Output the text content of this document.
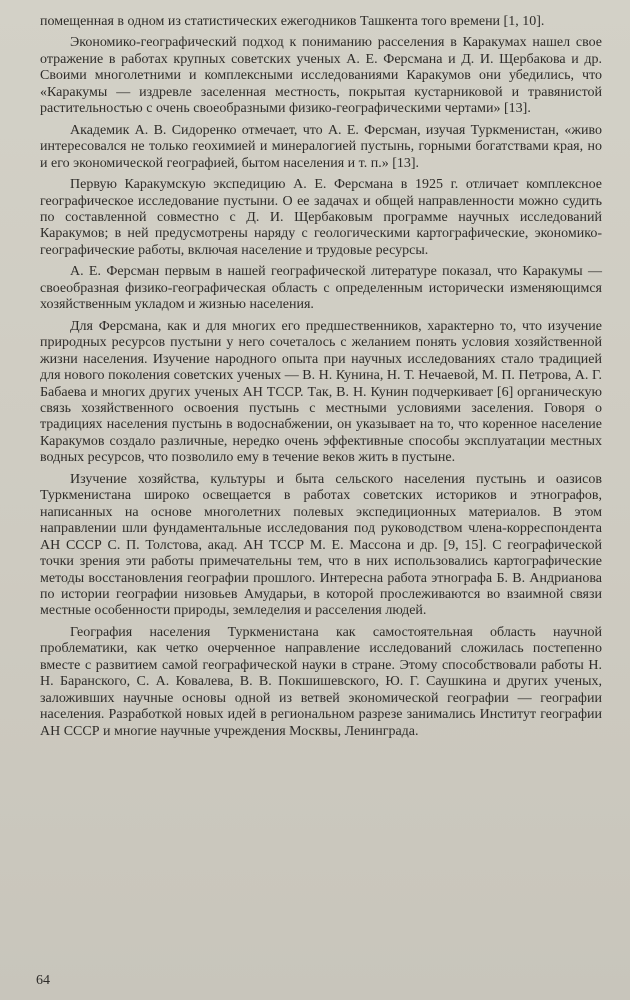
помещенная в одном из статистических ежегодников Ташкента того времени [1, 10].

Экономико-географический подход к пониманию расселения в Каракумах нашел свое отражение в работах крупных советских ученых А. Е. Ферсмана и Д. И. Щербакова и др. Своими многолетними и комплексными исследованиями Каракумов они убедились, что «Каракумы — издревле заселенная местность, покрытая кустарниковой и травянистой растительностью с очень своеобразными физико-географическими чертами» [13].

Академик А. В. Сидоренко отмечает, что А. Е. Ферсман, изучая Туркменистан, «живо интересовался не только геохимией и минералогией пустынь, горными богатствами края, но и его экономической географией, бытом населения и т. п.» [13].

Первую Каракумскую экспедицию А. Е. Ферсмана в 1925 г. отличает комплексное географическое исследование пустыни. О ее задачах и общей направленности можно судить по составленной совместно с Д. И. Щербаковым программе научных исследований Каракумов; в ней предусмотрены наряду с геологическими картографические, экономико-географические работы, включая население и трудовые ресурсы.

А. Е. Ферсман первым в нашей географической литературе показал, что Каракумы — своеобразная физико-географическая область с определенным исторически изменяющимся хозяйственным укладом и жизнью населения.

Для Ферсмана, как и для многих его предшественников, характерно то, что изучение природных ресурсов пустыни у него сочеталось с желанием понять условия хозяйственной жизни населения. Изучение народного опыта при научных исследованиях стало традицией для нового поколения советских ученых — В. Н. Кунина, Н. Т. Нечаевой, М. П. Петрова, А. Г. Бабаева и многих других ученых АН ТССР. Так, В. Н. Кунин подчеркивает [6] органическую связь хозяйственного освоения пустынь с местными условиями заселения. Говоря о традициях населения пустынь в водоснабжении, он указывает на то, что коренное население Каракумов создало различные, нередко очень эффективные способы эксплуатации местных водных ресурсов, что позволило ему в течение веков жить в пустыне.

Изучение хозяйства, культуры и быта сельского населения пустынь и оазисов Туркменистана широко освещается в работах советских историков и этнографов, написанных на основе многолетних полевых экспедиционных материалов. В этом направлении шли фундаментальные исследования под руководством члена-корреспондента АН СССР С. П. Толстова, акад. АН ТССР М. Е. Массона и др. [9, 15]. С географической точки зрения эти работы примечательны тем, что в них использовались картографические методы восстановления географии прошлого. Интересна работа этнографа Б. В. Андрианова по истории географии низовьев Амударьи, в которой прослеживаются во взаимной связи местные особенности природы, земледелия и расселения людей.

География населения Туркменистана как самостоятельная область научной проблематики, как четко очерченное направление исследований сложилась постепенно вместе с развитием самой географической науки в стране. Этому способствовали работы Н. Н. Баранского, С. А. Ковалева, В. В. Покшишевского, Ю. Г. Саушкина и других ученых, заложивших научные основы одной из ветвей экономической географии — географии населения. Разработкой новых идей в региональном разрезе занимались Институт географии АН СССР и многие научные учреждения Москвы, Ленинграда.

64
